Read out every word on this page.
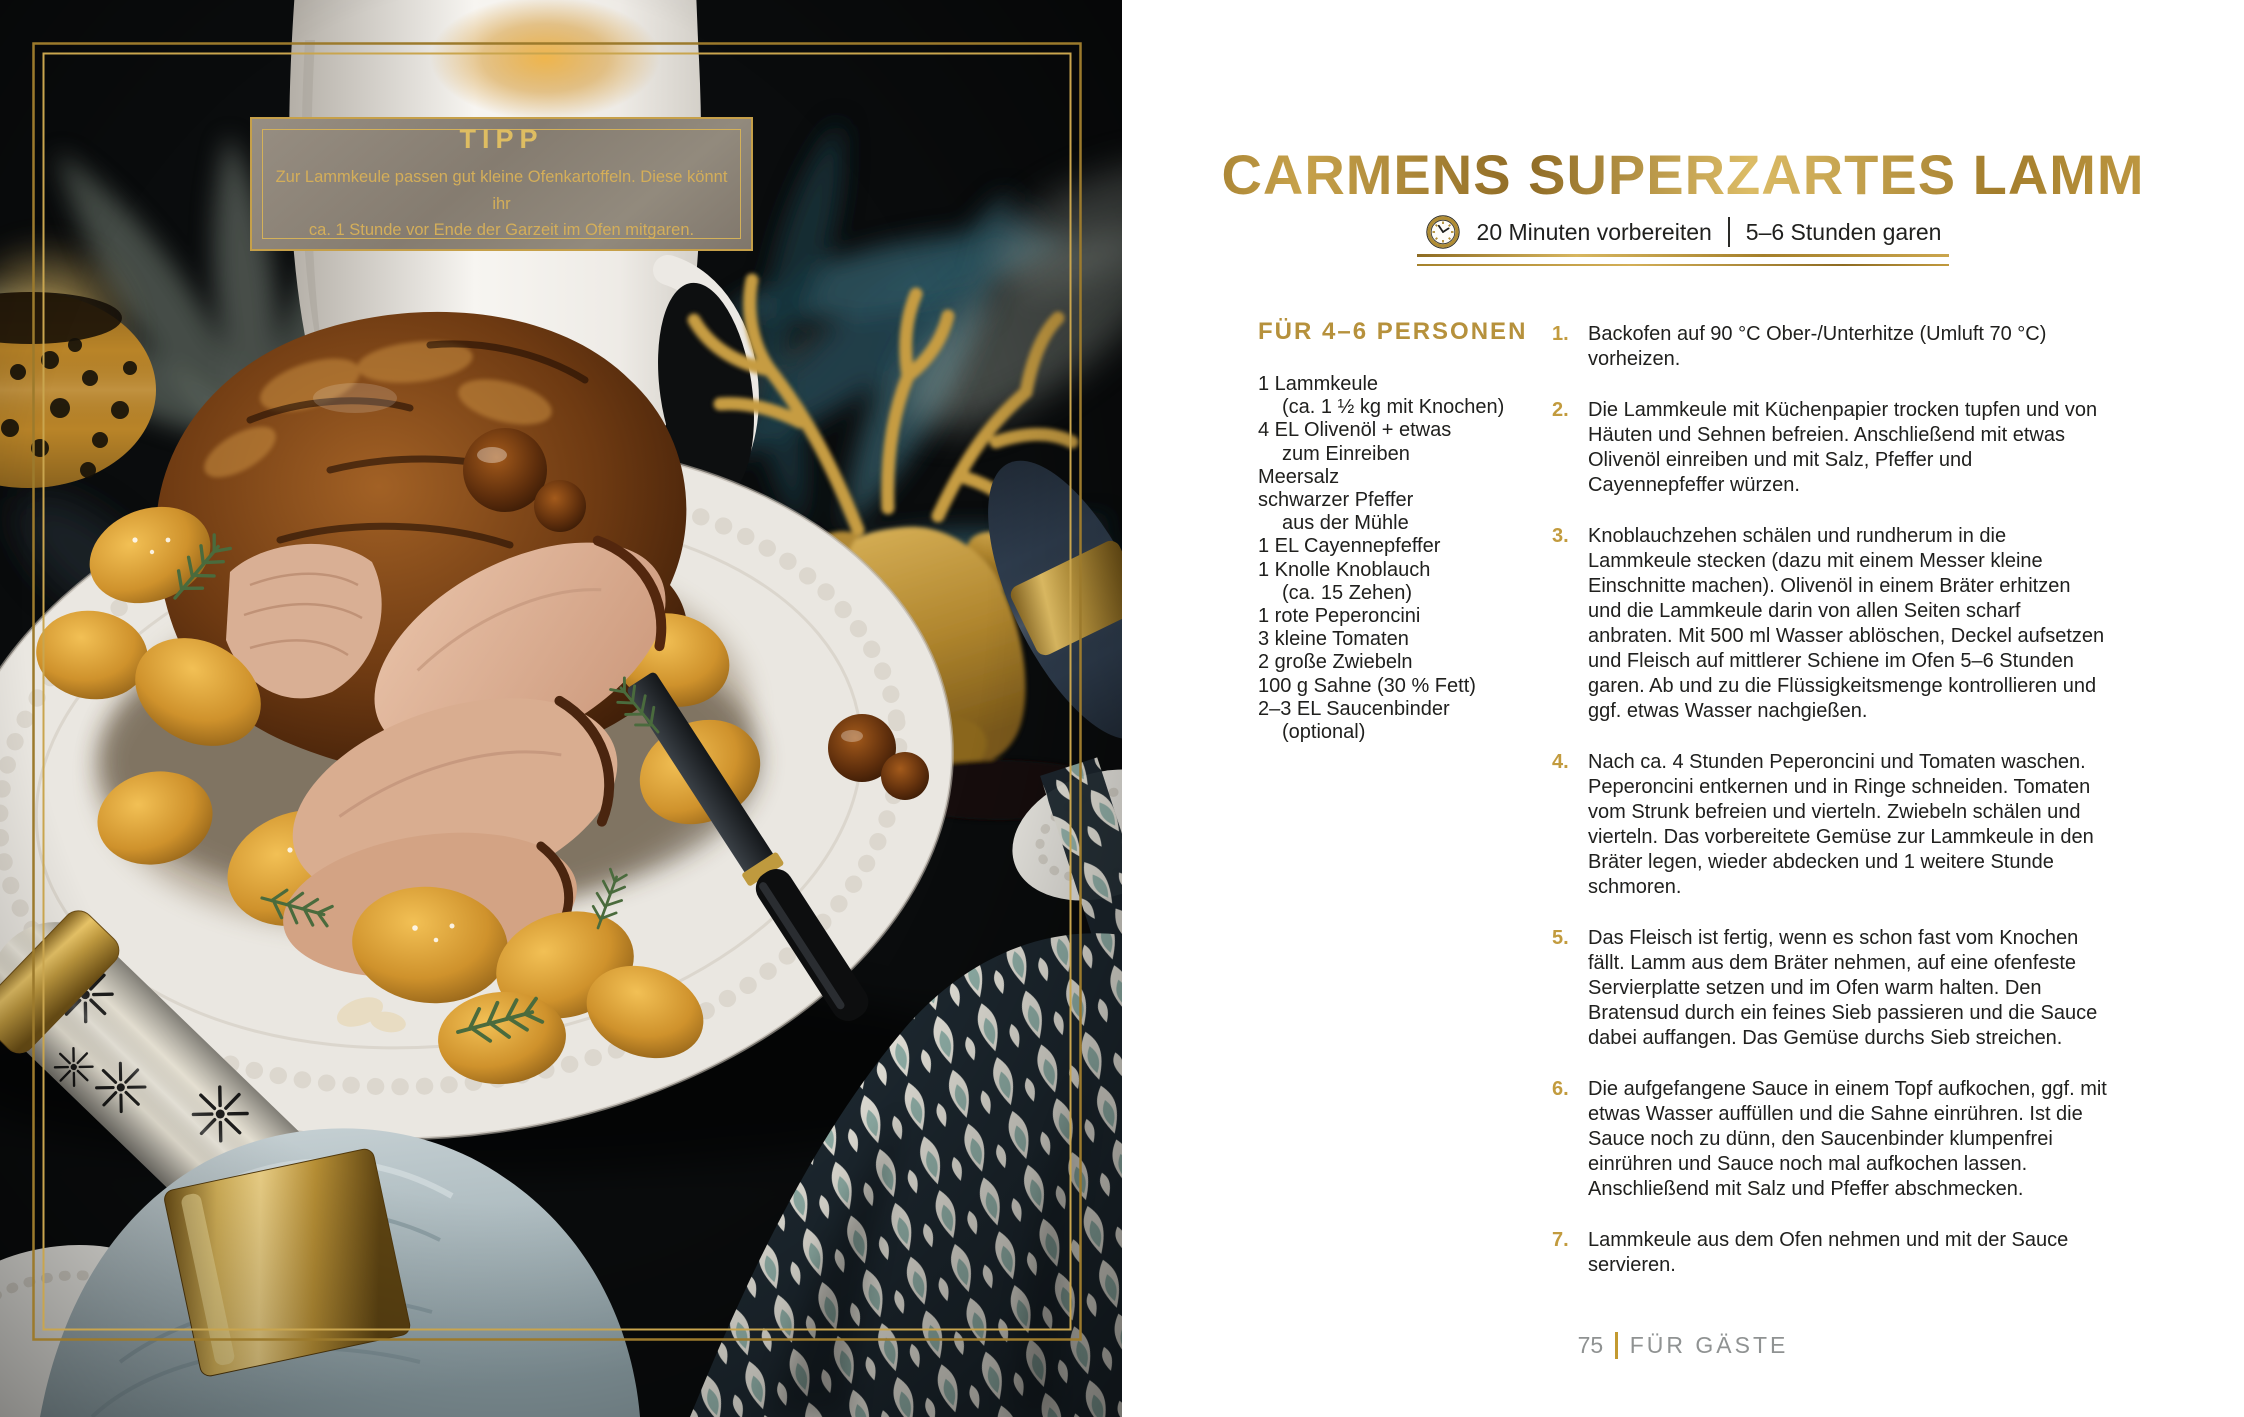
TIPP
Zur Lammkeule passen gut kleine Ofenkartoffeln. Diese könnt ihr
ca. 1 Stunde vor Ende der Garzeit im Ofen mitgaren.
CARMENS SUPERZARTES LAMM
20 Minuten vorbereiten 5–6 Stunden garen
FÜR 4–6 PERSONEN
1 Lammkeule
(ca. 1 ½ kg mit Knochen)
4 EL Olivenöl + etwas
zum Einreiben
Meersalz
schwarzer Pfeffer
aus der Mühle
1 EL Cayennepfeffer
1 Knolle Knoblauch
(ca. 15 Zehen)
1 rote Peperoncini
3 kleine Tomaten
2 große Zwiebeln
100 g Sahne (30 % Fett)
2–3 EL Saucenbinder
(optional)
1. Backofen auf 90 °C Ober-/Unterhitze (Umluft 70 °C) vorheizen.
2. Die Lammkeule mit Küchenpapier trocken tupfen und von Häuten und Sehnen befreien. Anschließend mit etwas Olivenöl einreiben und mit Salz, Pfeffer und Cayennepfeffer würzen.
3. Knoblauchzehen schälen und rundherum in die Lammkeule stecken (dazu mit einem Messer kleine Einschnitte machen). Olivenöl in einem Bräter erhitzen und die Lammkeule darin von allen Seiten scharf anbraten. Mit 500 ml Wasser ablöschen, Deckel aufsetzen und Fleisch auf mittlerer Schiene im Ofen 5–6 Stunden garen. Ab und zu die Flüssigkeitsmenge kontrollieren und ggf. etwas Wasser nachgießen.
4. Nach ca. 4 Stunden Peperoncini und Tomaten waschen. Peperoncini entkernen und in Ringe schneiden. Tomaten vom Strunk befreien und vierteln. Zwiebeln schälen und vierteln. Das vorbereitete Gemüse zur Lammkeule in den Bräter legen, wieder abdecken und 1 weitere Stunde schmoren.
5. Das Fleisch ist fertig, wenn es schon fast vom Knochen fällt. Lamm aus dem Bräter nehmen, auf eine ofenfeste Servierplatte setzen und im Ofen warm halten. Den Bratensud durch ein feines Sieb passieren und die Sauce dabei auffangen. Das Gemüse durchs Sieb streichen.
6. Die aufgefangene Sauce in einem Topf aufkochen, ggf. mit etwas Wasser auffüllen und die Sahne einrühren. Ist die Sauce noch zu dünn, den Saucenbinder klumpenfrei einrühren und Sauce noch mal aufkochen lassen. Anschließend mit Salz und Pfeffer abschmecken.
7. Lammkeule aus dem Ofen nehmen und mit der Sauce servieren.
75 FÜR GÄSTE
